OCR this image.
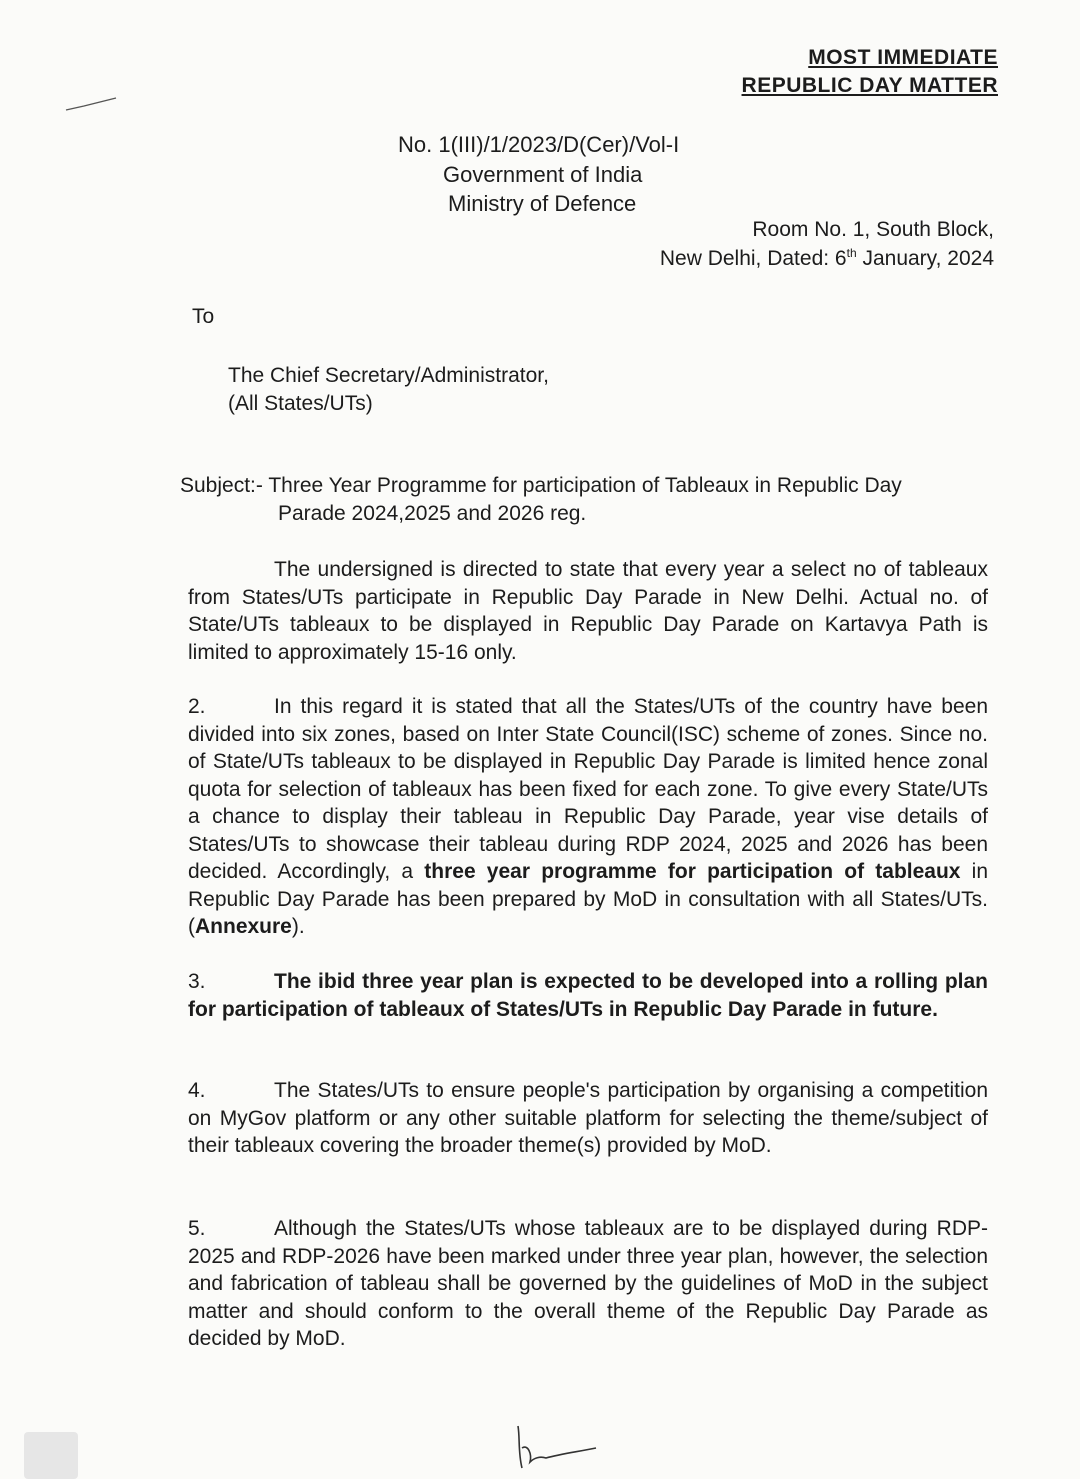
MOST IMMEDIATE
REPUBLIC DAY MATTER
No. 1(III)/1/2023/D(Cer)/Vol-I
Government of India
Ministry of Defence
Room No. 1, South Block,
New Delhi, Dated: 6th January, 2024
To
The Chief Secretary/Administrator,
(All States/UTs)
Subject:- Three Year Programme for participation of Tableaux in Republic Day
Parade 2024,2025 and 2026 reg.
The undersigned is directed to state that every year a select no of tableaux from States/UTs participate in Republic Day Parade in New Delhi. Actual no. of State/UTs tableaux to be displayed in Republic Day Parade on Kartavya Path is limited to approximately 15-16 only.
2.	In this regard it is stated that all the States/UTs of the country have been divided into six zones, based on Inter State Council(ISC) scheme of zones. Since no. of State/UTs tableaux to be displayed in Republic Day Parade is limited hence zonal quota for selection of tableaux has been fixed for each zone. To give every State/UTs a chance to display their tableau in Republic Day Parade, year vise details of States/UTs to showcase their tableau during RDP 2024, 2025 and 2026 has been decided. Accordingly, a three year programme for participation of tableaux in Republic Day Parade has been prepared by MoD in consultation with all States/UTs.(Annexure).
3.	The ibid three year plan is expected to be developed into a rolling plan for participation of tableaux of States/UTs in Republic Day Parade in future.
4.	The States/UTs to ensure people's participation by organising a competition on MyGov platform or any other suitable platform for selecting the theme/subject of their tableaux covering the broader theme(s) provided by MoD.
5.	Although the States/UTs whose tableaux are to be displayed during RDP- 2025 and RDP-2026 have been marked under three year plan, however, the selection and fabrication of tableau shall be governed by the guidelines of MoD in the subject matter and should conform to the overall theme of the Republic Day Parade as decided by MoD.
